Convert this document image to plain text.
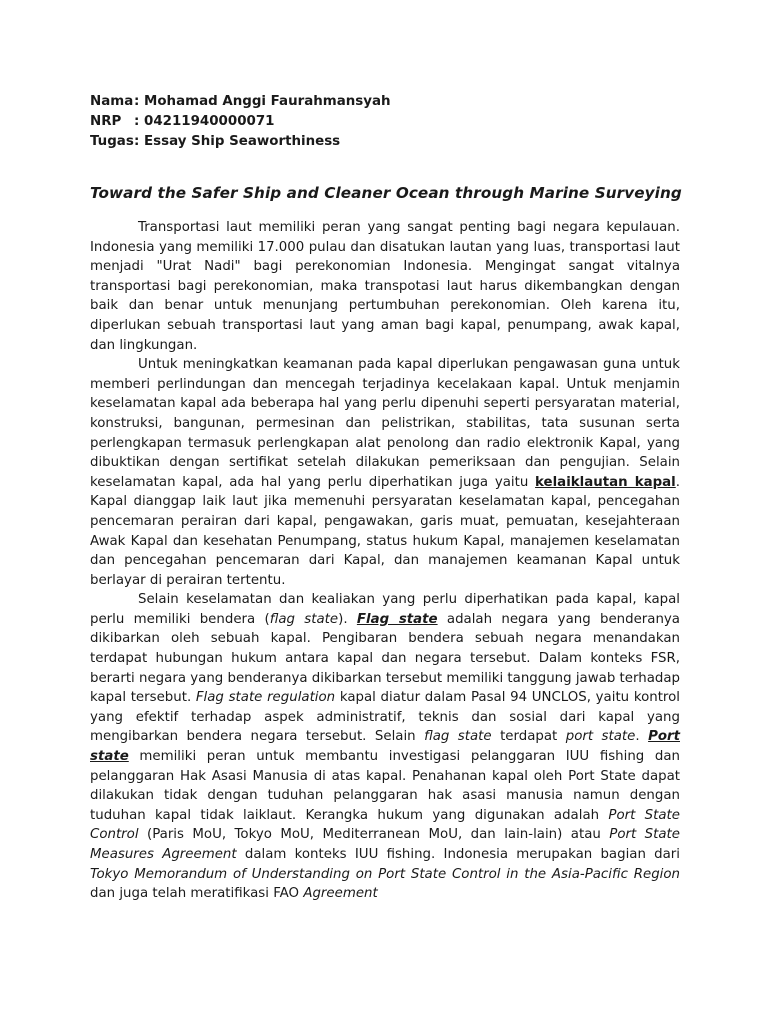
Nama : Mohamad Anggi Faurahmansyah
NRP : 04211940000071
Tugas : Essay Ship Seaworthiness
Toward the Safer Ship and Cleaner Ocean through Marine Surveying

Transportasi laut memiliki peran yang sangat penting bagi negara kepulauan. Indonesia yang memiliki 17.000 pulau dan disatukan lautan yang luas, transportasi laut menjadi "Urat Nadi" bagi perekonomian Indonesia. Mengingat sangat vitalnya transportasi bagi perekonomian, maka transpotasi laut harus dikembangkan dengan baik dan benar untuk menunjang pertumbuhan perekonomian. Oleh karena itu, diperlukan sebuah transportasi laut yang aman bagi kapal, penumpang, awak kapal, dan lingkungan.

Untuk meningkatkan keamanan pada kapal diperlukan pengawasan guna untuk memberi perlindungan dan mencegah terjadinya kecelakaan kapal. Untuk menjamin keselamatan kapal ada beberapa hal yang perlu dipenuhi seperti persyaratan material, konstruksi, bangunan, permesinan dan pelistrikan, stabilitas, tata susunan serta perlengkapan termasuk perlengkapan alat penolong dan radio elektronik Kapal, yang dibuktikan dengan sertifikat setelah dilakukan pemeriksaan dan pengujian. Selain keselamatan kapal, ada hal yang perlu diperhatikan juga yaitu kelaiklautan kapal. Kapal dianggap laik laut jika memenuhi persyaratan keselamatan kapal, pencegahan pencemaran perairan dari kapal, pengawakan, garis muat, pemuatan, kesejahteraan Awak Kapal dan kesehatan Penumpang, status hukum Kapal, manajemen keselamatan dan pencegahan pencemaran dari Kapal, dan manajemen keamanan Kapal untuk berlayar di perairan tertentu.

Selain keselamatan dan kealiakan yang perlu diperhatikan pada kapal, kapal perlu memiliki bendera (flag state). Flag state adalah negara yang benderanya dikibarkan oleh sebuah kapal. Pengibaran bendera sebuah negara menandakan terdapat hubungan hukum antara kapal dan negara tersebut. Dalam konteks FSR, berarti negara yang benderanya dikibarkan tersebut memiliki tanggung jawab terhadap kapal tersebut. Flag state regulation kapal diatur dalam Pasal 94 UNCLOS, yaitu kontrol yang efektif terhadap aspek administratif, teknis dan sosial dari kapal yang mengibarkan bendera negara tersebut. Selain flag state terdapat port state. Port state memiliki peran untuk membantu investigasi pelanggaran IUU fishing dan pelanggaran Hak Asasi Manusia di atas kapal. Penahanan kapal oleh Port State dapat dilakukan tidak dengan tuduhan pelanggaran hak asasi manusia namun dengan tuduhan kapal tidak laiklaut. Kerangka hukum yang digunakan adalah Port State Control (Paris MoU, Tokyo MoU, Mediterranean MoU, dan lain-lain) atau Port State Measures Agreement dalam konteks IUU fishing. Indonesia merupakan bagian dari Tokyo Memorandum of Understanding on Port State Control in the Asia-Pacific Region dan juga telah meratifikasi FAO Agreement
